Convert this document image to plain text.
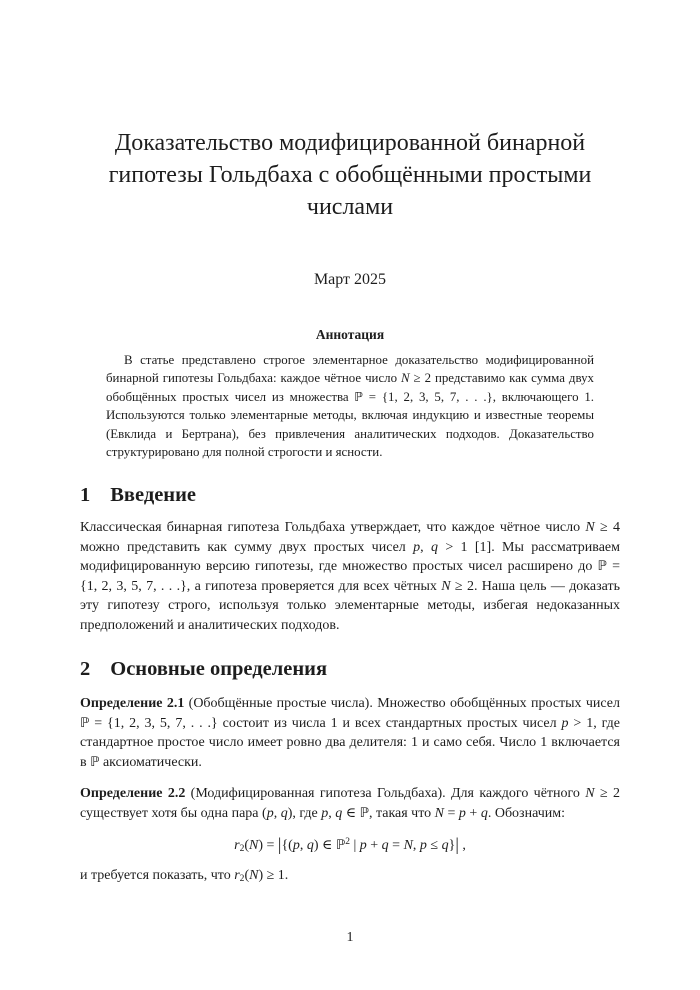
Доказательство модифицированной бинарной гипотезы Гольдбаха с обобщёнными простыми числами
Март 2025
Аннотация

В статье представлено строгое элементарное доказательство модифицированной бинарной гипотезы Гольдбаха: каждое чётное число N ≥ 2 представимо как сумма двух обобщённых простых чисел из множества ℙ = {1, 2, 3, 5, 7, . . .}, включающего 1. Используются только элементарные методы, включая индукцию и известные теоремы (Евклида и Бертрана), без привлечения аналитических подходов. Доказательство структурировано для полной строгости и ясности.

1 Введение

Классическая бинарная гипотеза Гольдбаха утверждает, что каждое чётное число N ≥ 4 можно представить как сумму двух простых чисел p, q > 1 [1]. Мы рассматриваем модифицированную версию гипотезы, где множество простых чисел расширено до ℙ = {1, 2, 3, 5, 7, . . .}, а гипотеза проверяется для всех чётных N ≥ 2. Наша цель — доказать эту гипотезу строго, используя только элементарные методы, избегая недоказанных предположений и аналитических подходов.

2 Основные определения

Определение 2.1 (Обобщённые простые числа). Множество обобщённых простых чисел ℙ = {1, 2, 3, 5, 7, . . .} состоит из числа 1 и всех стандартных простых чисел p > 1, где стандартное простое число имеет ровно два делителя: 1 и само себя. Число 1 включается в ℙ аксиоматически.

Определение 2.2 (Модифицированная гипотеза Гольдбаха). Для каждого чётного N ≥ 2 существует хотя бы одна пара (p, q), где p, q ∈ ℙ, такая что N = p + q. Обозначим:

r2(N) = |{(p, q) ∈ ℙ$^2$ | p + q = N, p ≤ q}| ,

и требуется показать, что r2(N) ≥ 1.

1
